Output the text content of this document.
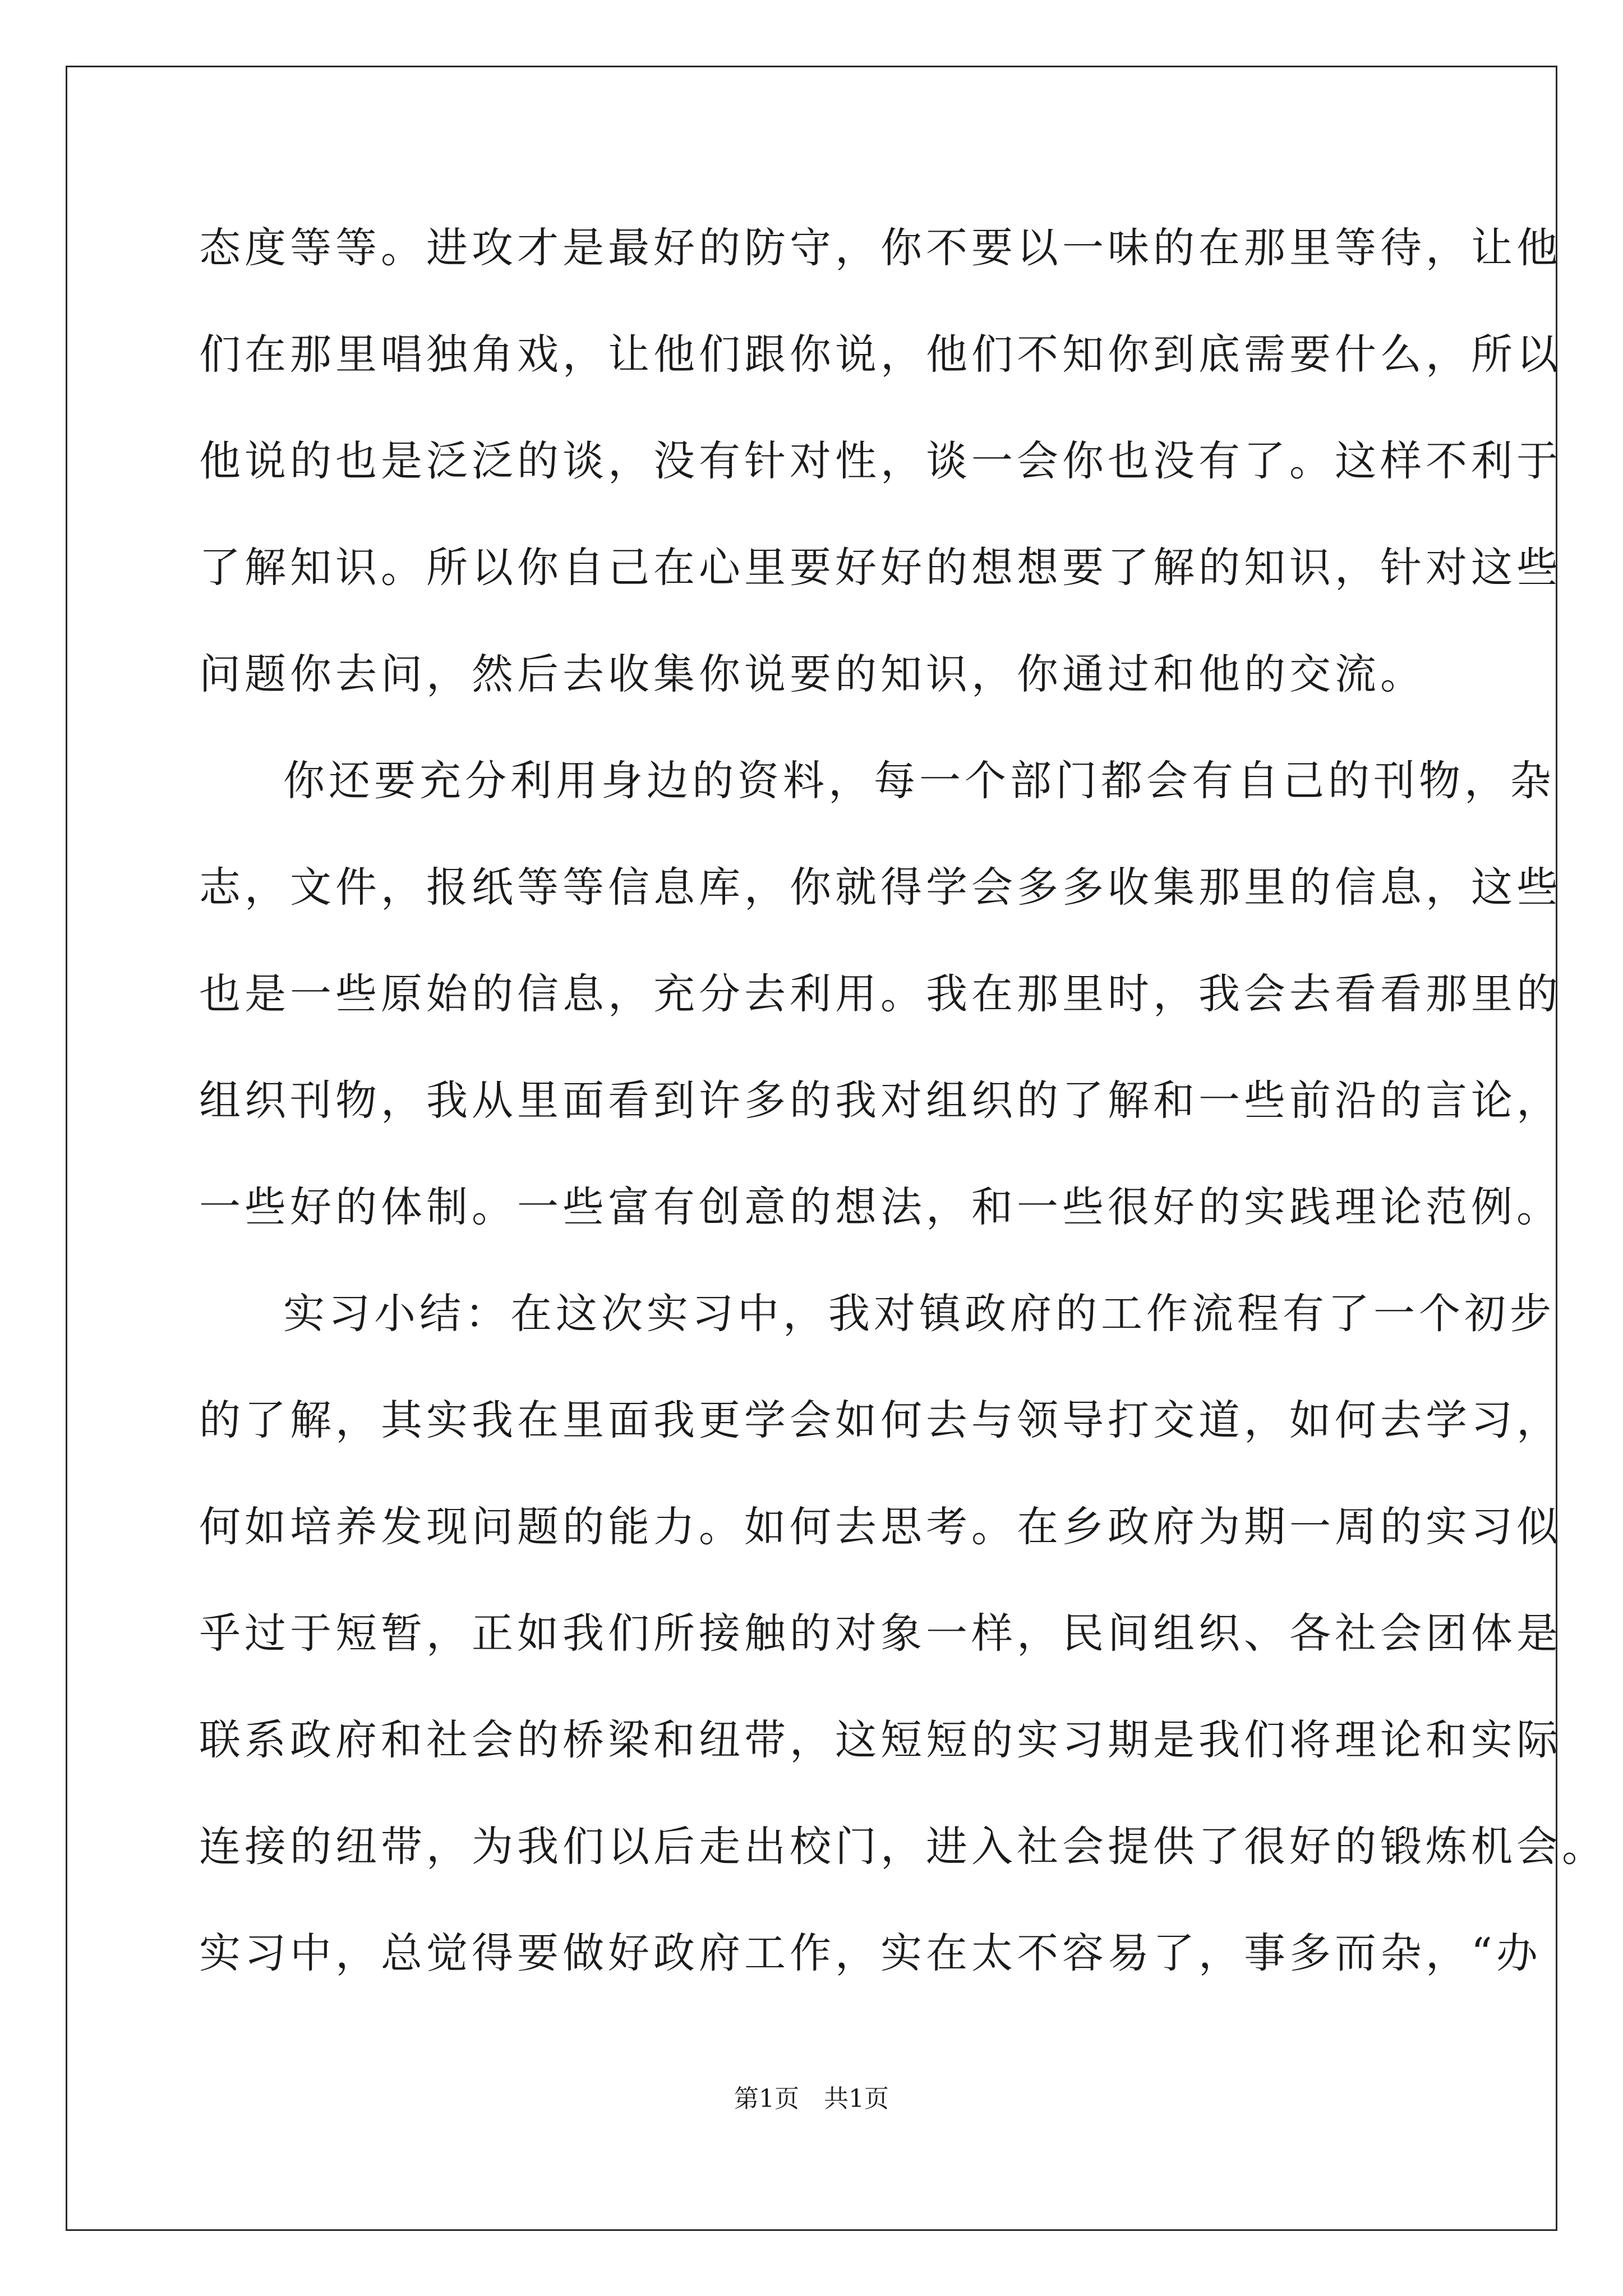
态度等等。进攻才是最好的防守，你不要以一味的在那里等待，让他
们在那里唱独角戏，让他们跟你说，他们不知你到底需要什么，所以
他说的也是泛泛的谈，没有针对性，谈一会你也没有了。这样不利于
了解知识。所以你自己在心里要好好的想想要了解的知识，针对这些
问题你去问，然后去收集你说要的知识，你通过和他的交流。
你还要充分利用身边的资料，每一个部门都会有自己的刊物，杂
志，文件，报纸等等信息库，你就得学会多多收集那里的信息，这些
也是一些原始的信息，充分去利用。我在那里时，我会去看看那里的
组织刊物，我从里面看到许多的我对组织的了解和一些前沿的言论，
一些好的体制。一些富有创意的想法，和一些很好的实践理论范例。
实习小结：在这次实习中，我对镇政府的工作流程有了一个初步
的了解，其实我在里面我更学会如何去与领导打交道，如何去学习，
何如培养发现问题的能力。如何去思考。在乡政府为期一周的实习似
乎过于短暂，正如我们所接触的对象一样，民间组织、各社会团体是
联系政府和社会的桥梁和纽带，这短短的实习期是我们将理论和实际
连接的纽带，为我们以后走出校门，进入社会提供了很好的锻炼机会。
实习中，总觉得要做好政府工作，实在太不容易了，事多而杂，“办
第1页　共1页
